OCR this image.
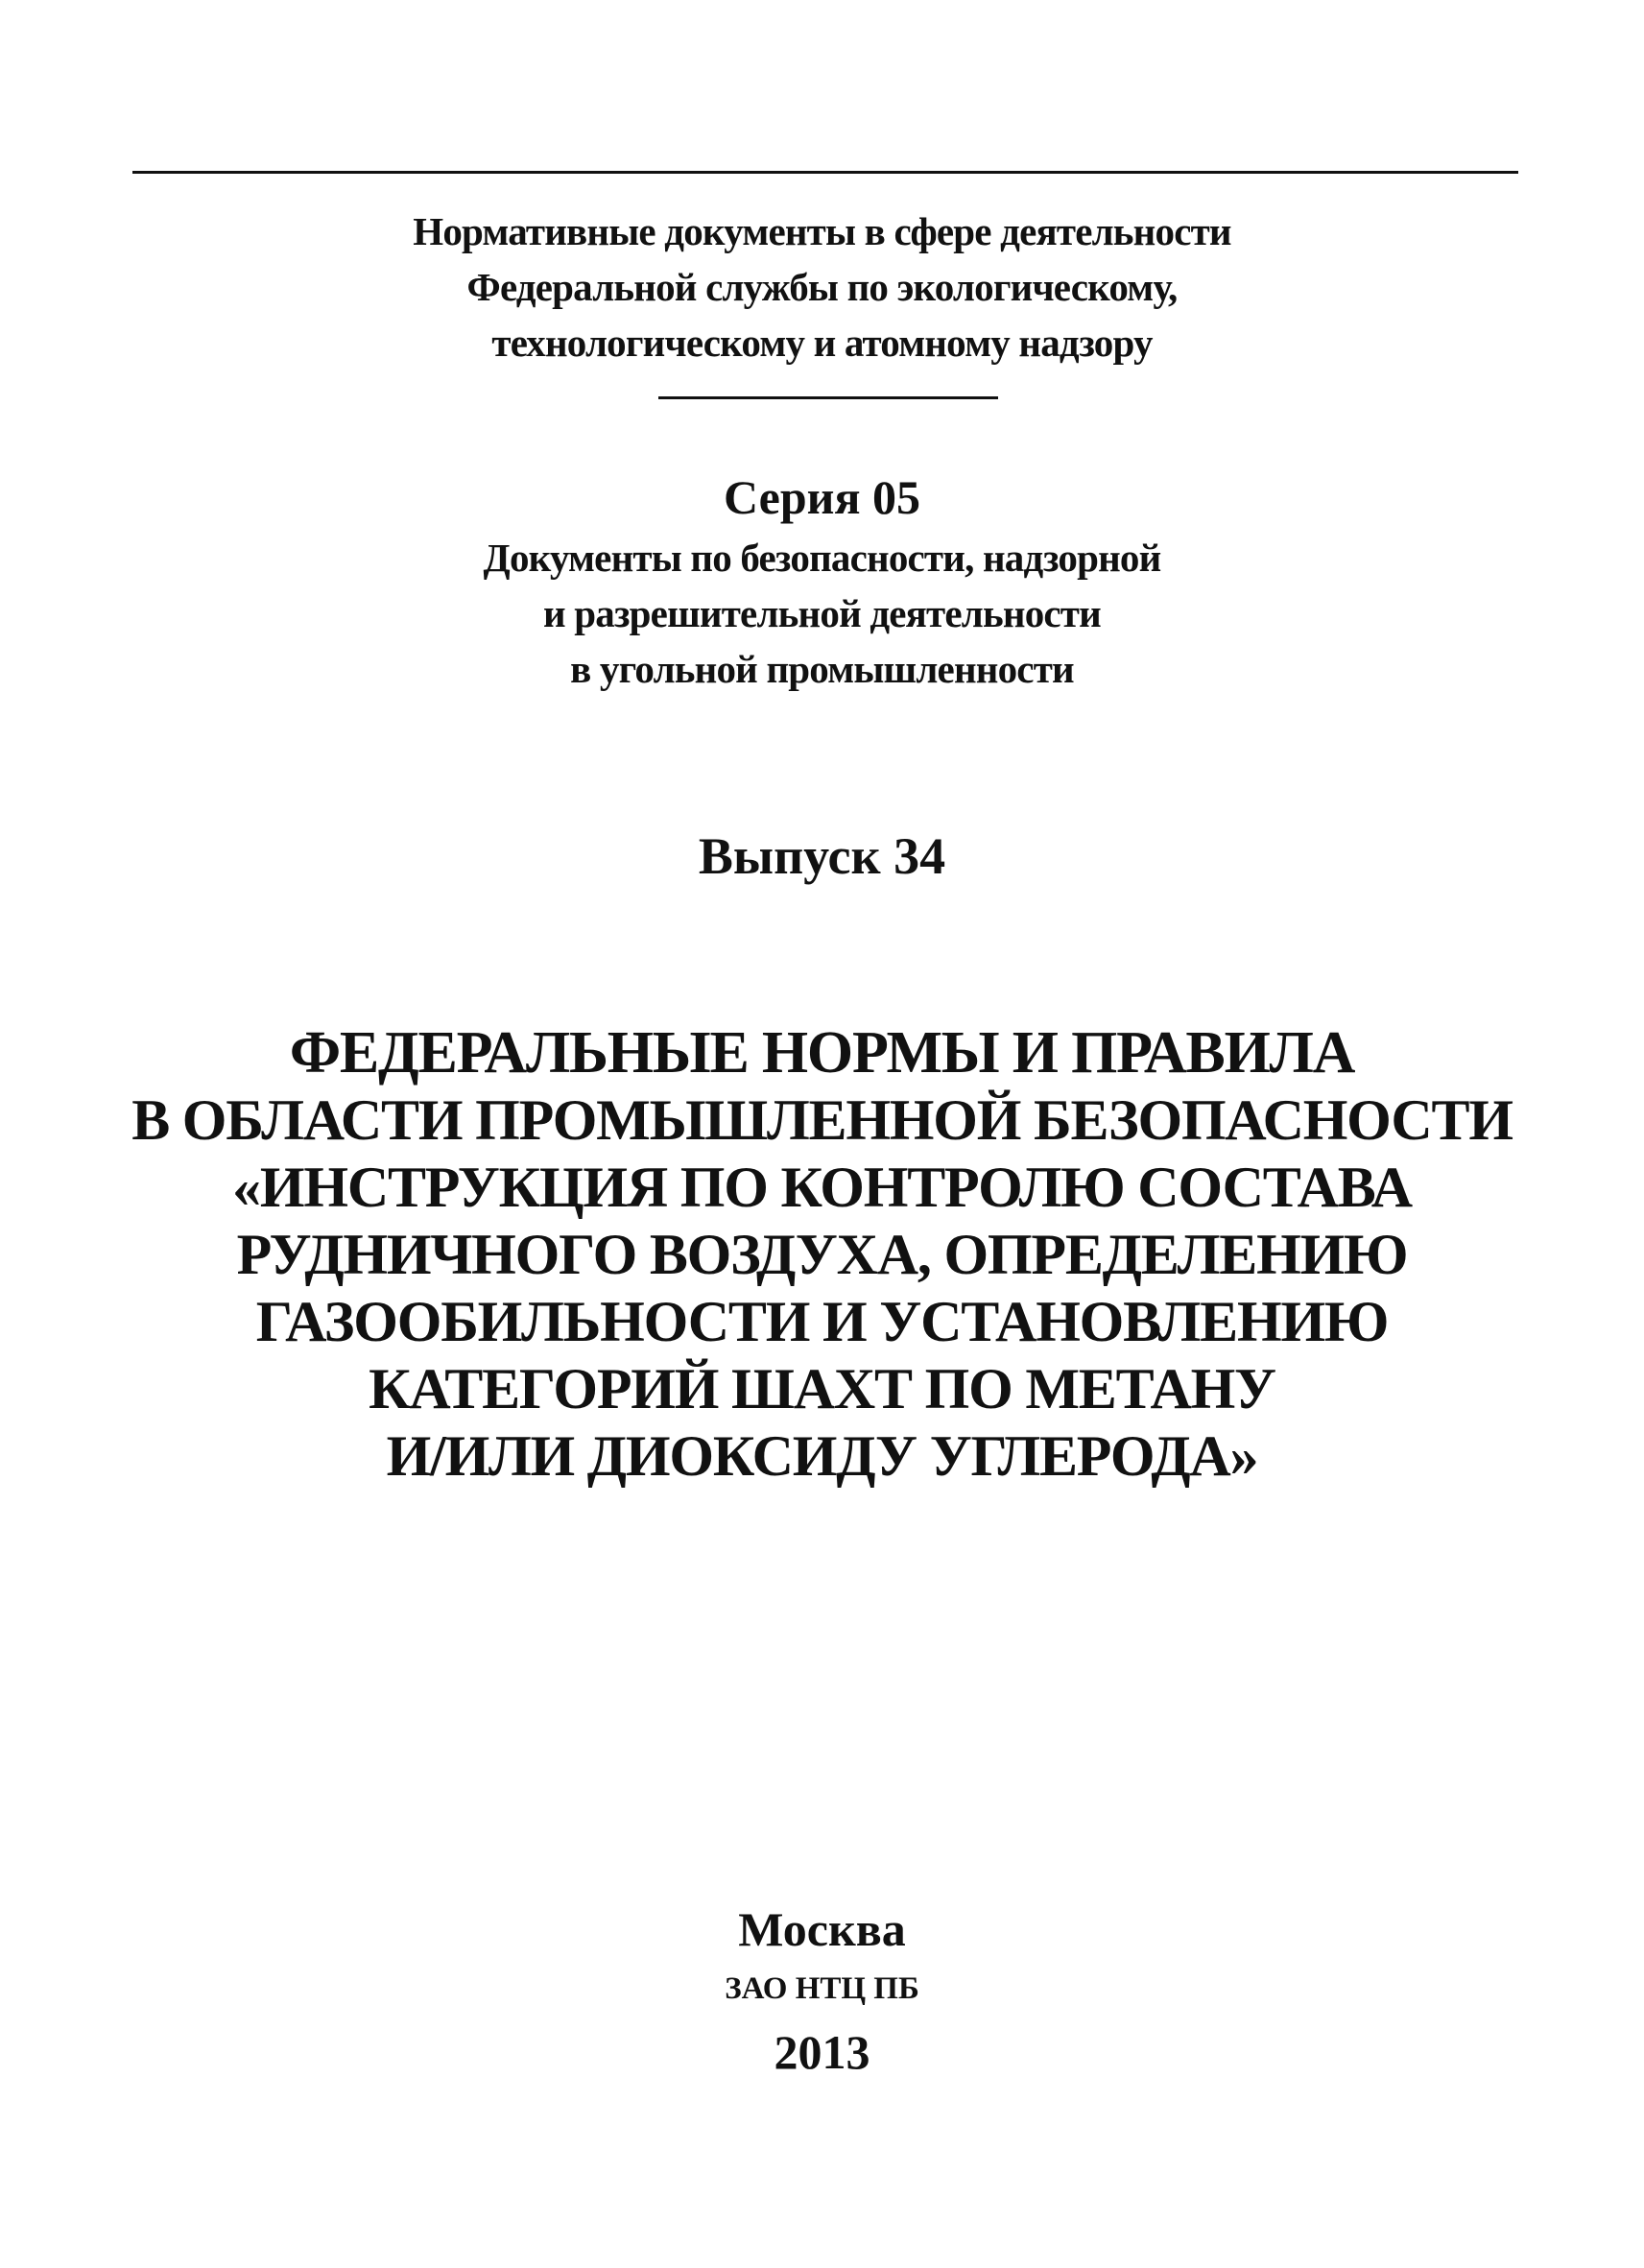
Нормативные документы в сфере деятельности
Федеральной службы по экологическому,
технологическому и атомному надзору
Серия 05
Документы по безопасности, надзорной
и разрешительной деятельности
в угольной промышленности
Выпуск 34
ФЕДЕРАЛЬНЫЕ НОРМЫ И ПРАВИЛА
В ОБЛАСТИ ПРОМЫШЛЕННОЙ БЕЗОПАСНОСТИ
«ИНСТРУКЦИЯ ПО КОНТРОЛЮ СОСТАВА
РУДНИЧНОГО ВОЗДУХА, ОПРЕДЕЛЕНИЮ
ГАЗООБИЛЬНОСТИ И УСТАНОВЛЕНИЮ
КАТЕГОРИЙ ШАХТ ПО МЕТАНУ
И/ИЛИ ДИОКСИДУ УГЛЕРОДА»
Москва
ЗАО НТЦ ПБ
2013
